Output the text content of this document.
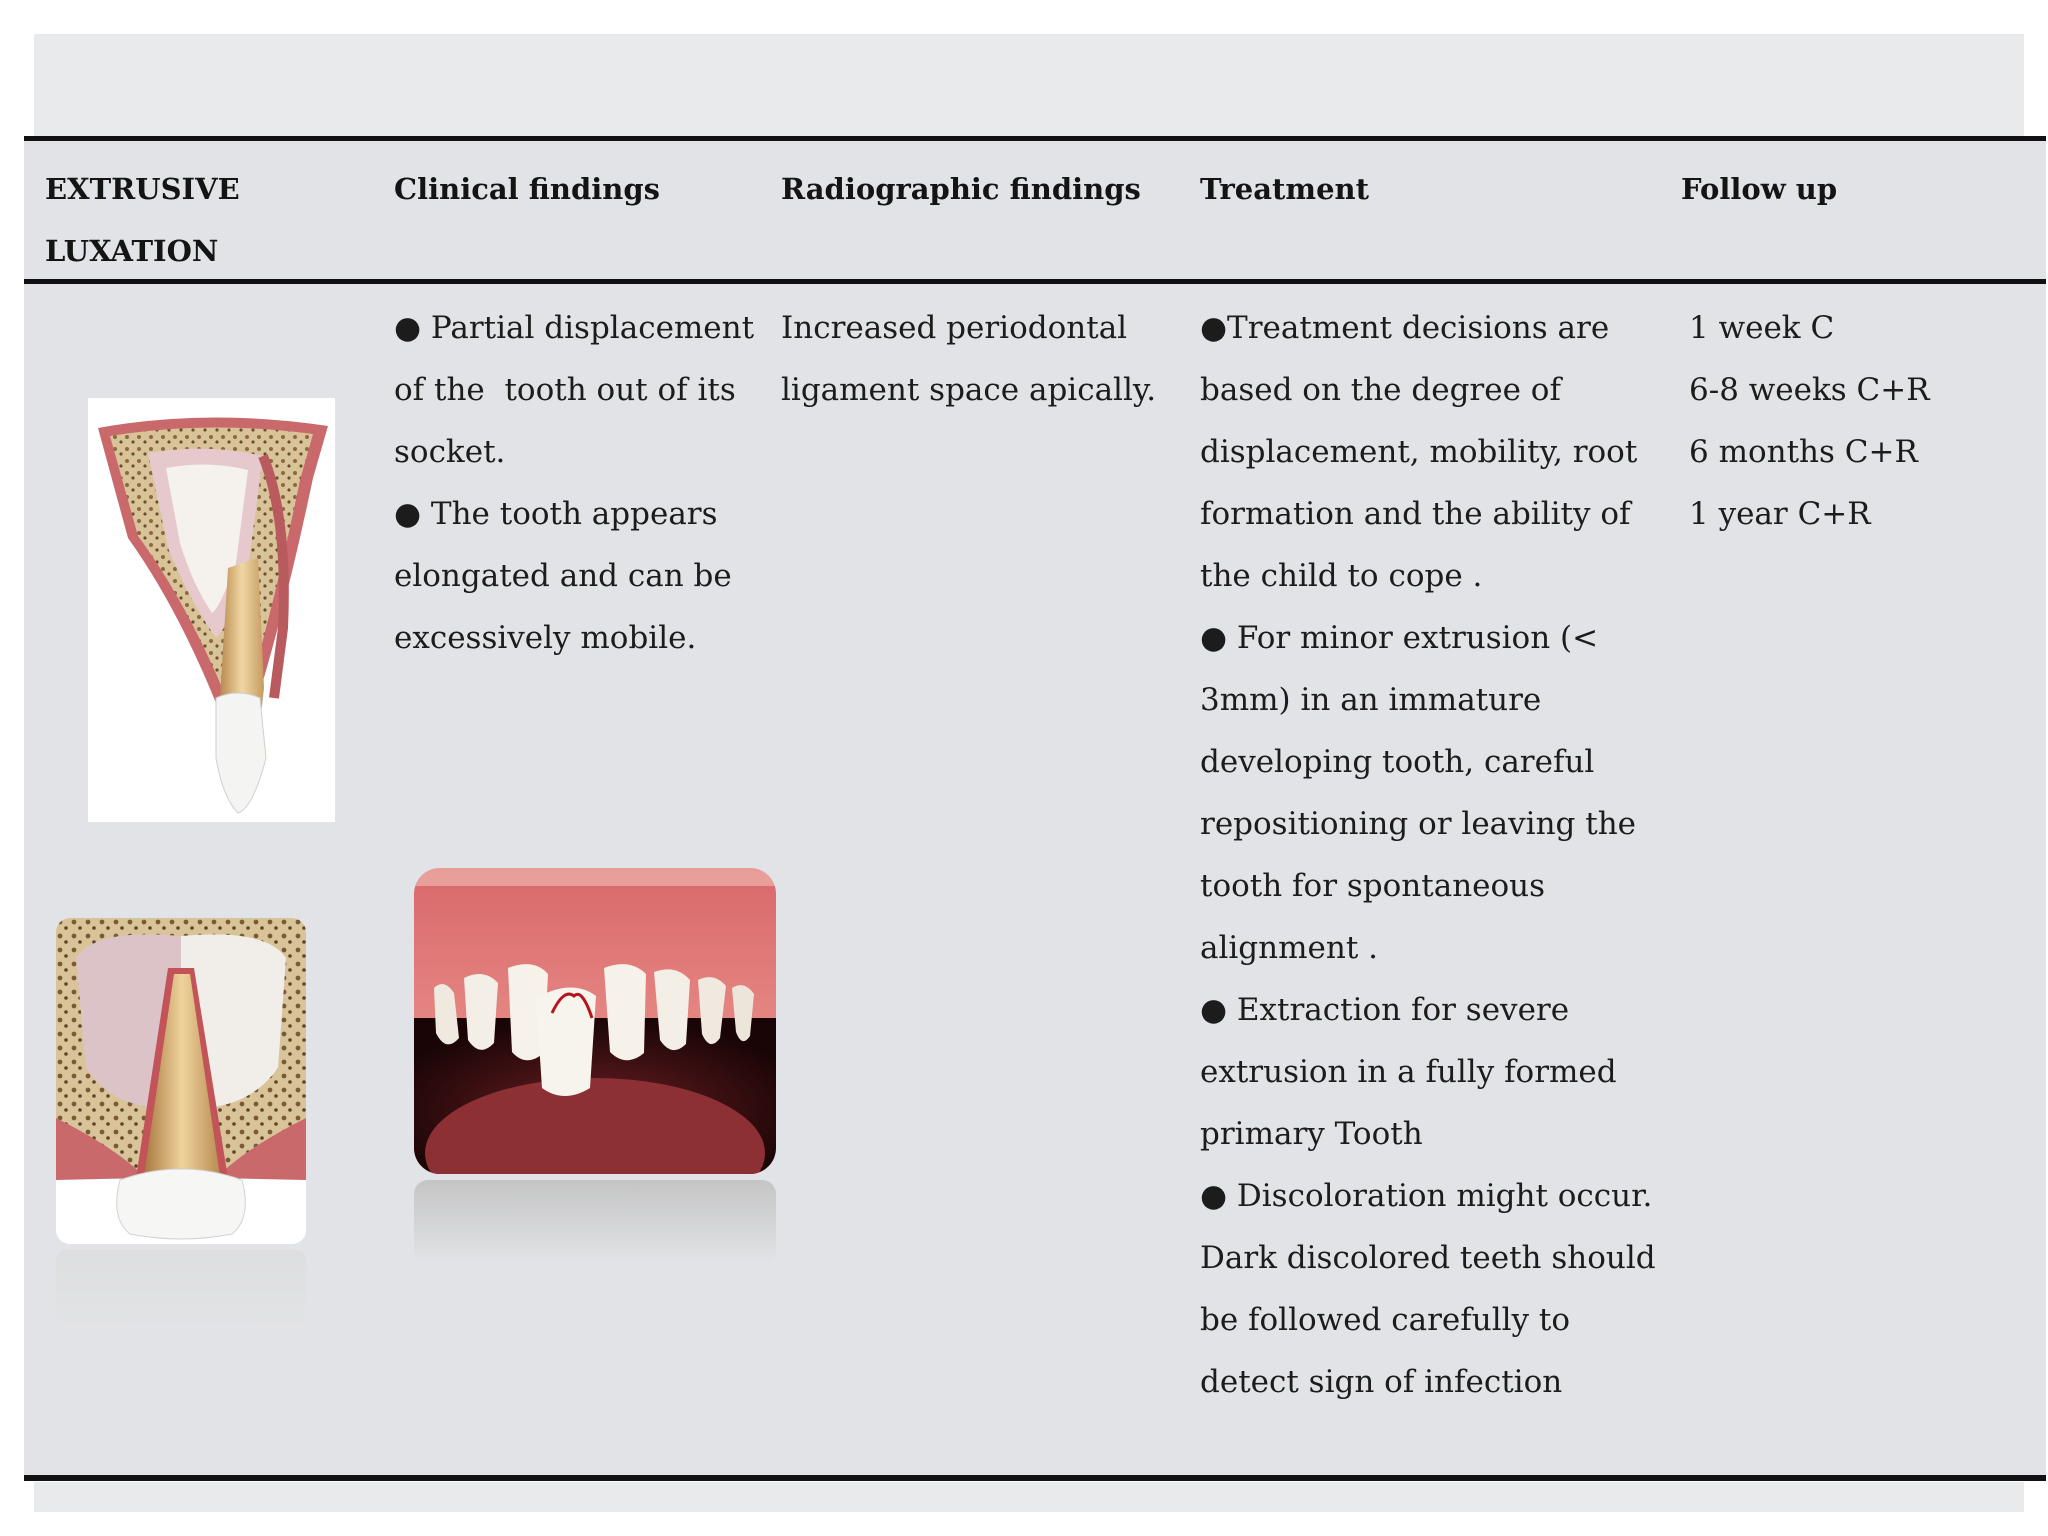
EXTRUSIVE
LUXATION
Clinical findings	Radiographic findings Treatment	Follow up
● Partial displacement
of the  tooth out of its
socket.
● The tooth appears
elongated and can be
excessively mobile.
Increased periodontal
ligament space apically.
●Treatment decisions are
based on the degree of
displacement, mobility, root
formation and the ability of
the child to cope .
● For minor extrusion (<
3mm) in an immature
developing tooth, careful
repositioning or leaving the
tooth for spontaneous
alignment .
● Extraction for severe
extrusion in a fully formed
primary Tooth
● Discoloration might occur.
Dark discolored teeth should
be followed carefully to
detect sign of infection
1 week C
6-8 weeks C+R
6 months C+R
1 year C+R
